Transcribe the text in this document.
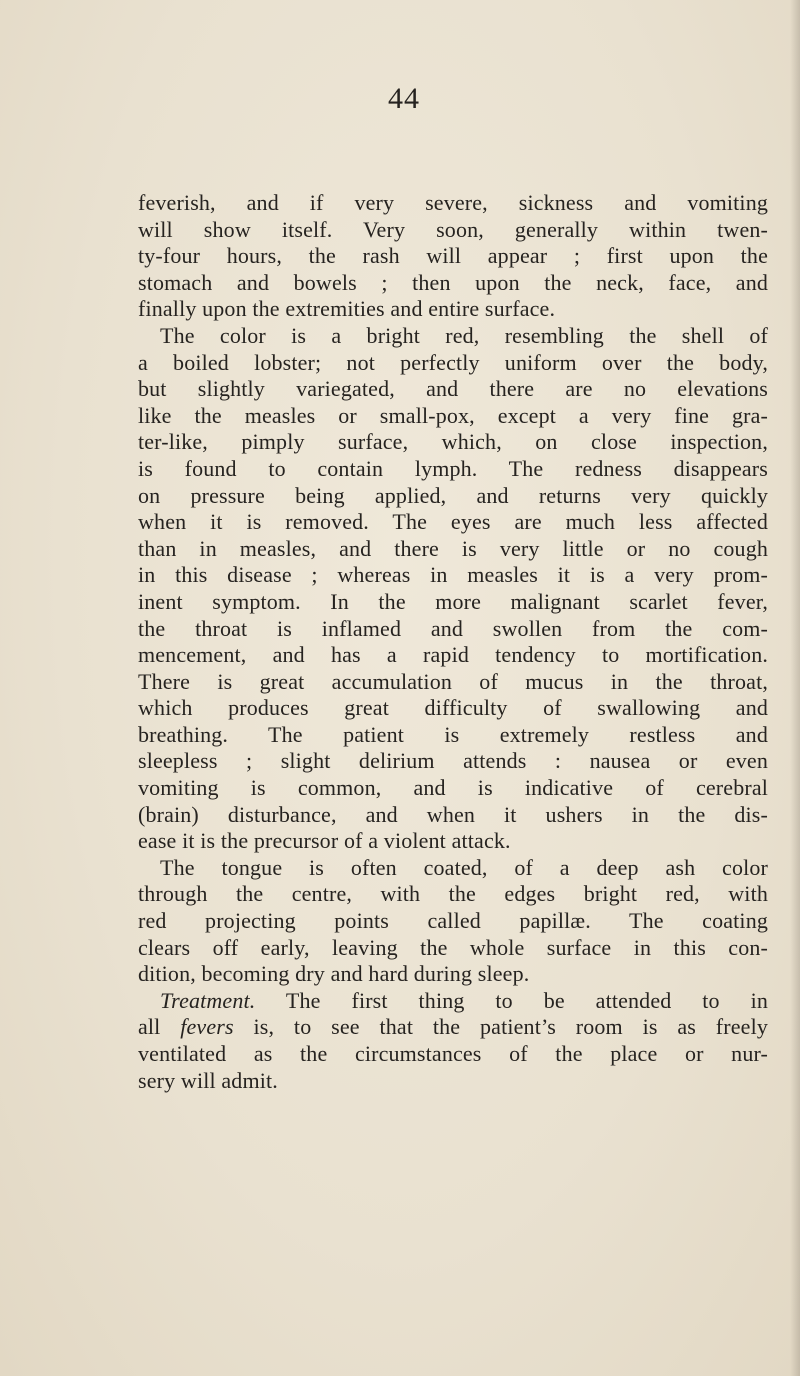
44
feverish, and if very severe, sickness and vomiting
will show itself. Very soon, generally within twen-
ty-four hours, the rash will appear ; first upon the
stomach and bowels ; then upon the neck, face, and
finally upon the extremities and entire surface.
The color is a bright red, resembling the shell of
a boiled lobster; not perfectly uniform over the body,
but slightly variegated, and there are no elevations
like the measles or small-pox, except a very fine gra-
ter-like, pimply surface, which, on close inspection,
is found to contain lymph. The redness disappears
on pressure being applied, and returns very quickly
when it is removed. The eyes are much less affected
than in measles, and there is very little or no cough
in this disease ; whereas in measles it is a very prom-
inent symptom. In the more malignant scarlet fever,
the throat is inflamed and swollen from the com-
mencement, and has a rapid tendency to mortification.
There is great accumulation of mucus in the throat,
which produces great difficulty of swallowing and
breathing. The patient is extremely restless and
sleepless ; slight delirium attends : nausea or even
vomiting is common, and is indicative of cerebral
(brain) disturbance, and when it ushers in the dis-
ease it is the precursor of a violent attack.
The tongue is often coated, of a deep ash color
through the centre, with the edges bright red, with
red projecting points called papillæ. The coating
clears off early, leaving the whole surface in this con-
dition, becoming dry and hard during sleep.
Treatment. The first thing to be attended to in
all fevers is, to see that the patient’s room is as freely
ventilated as the circumstances of the place or nur-
sery will admit.
